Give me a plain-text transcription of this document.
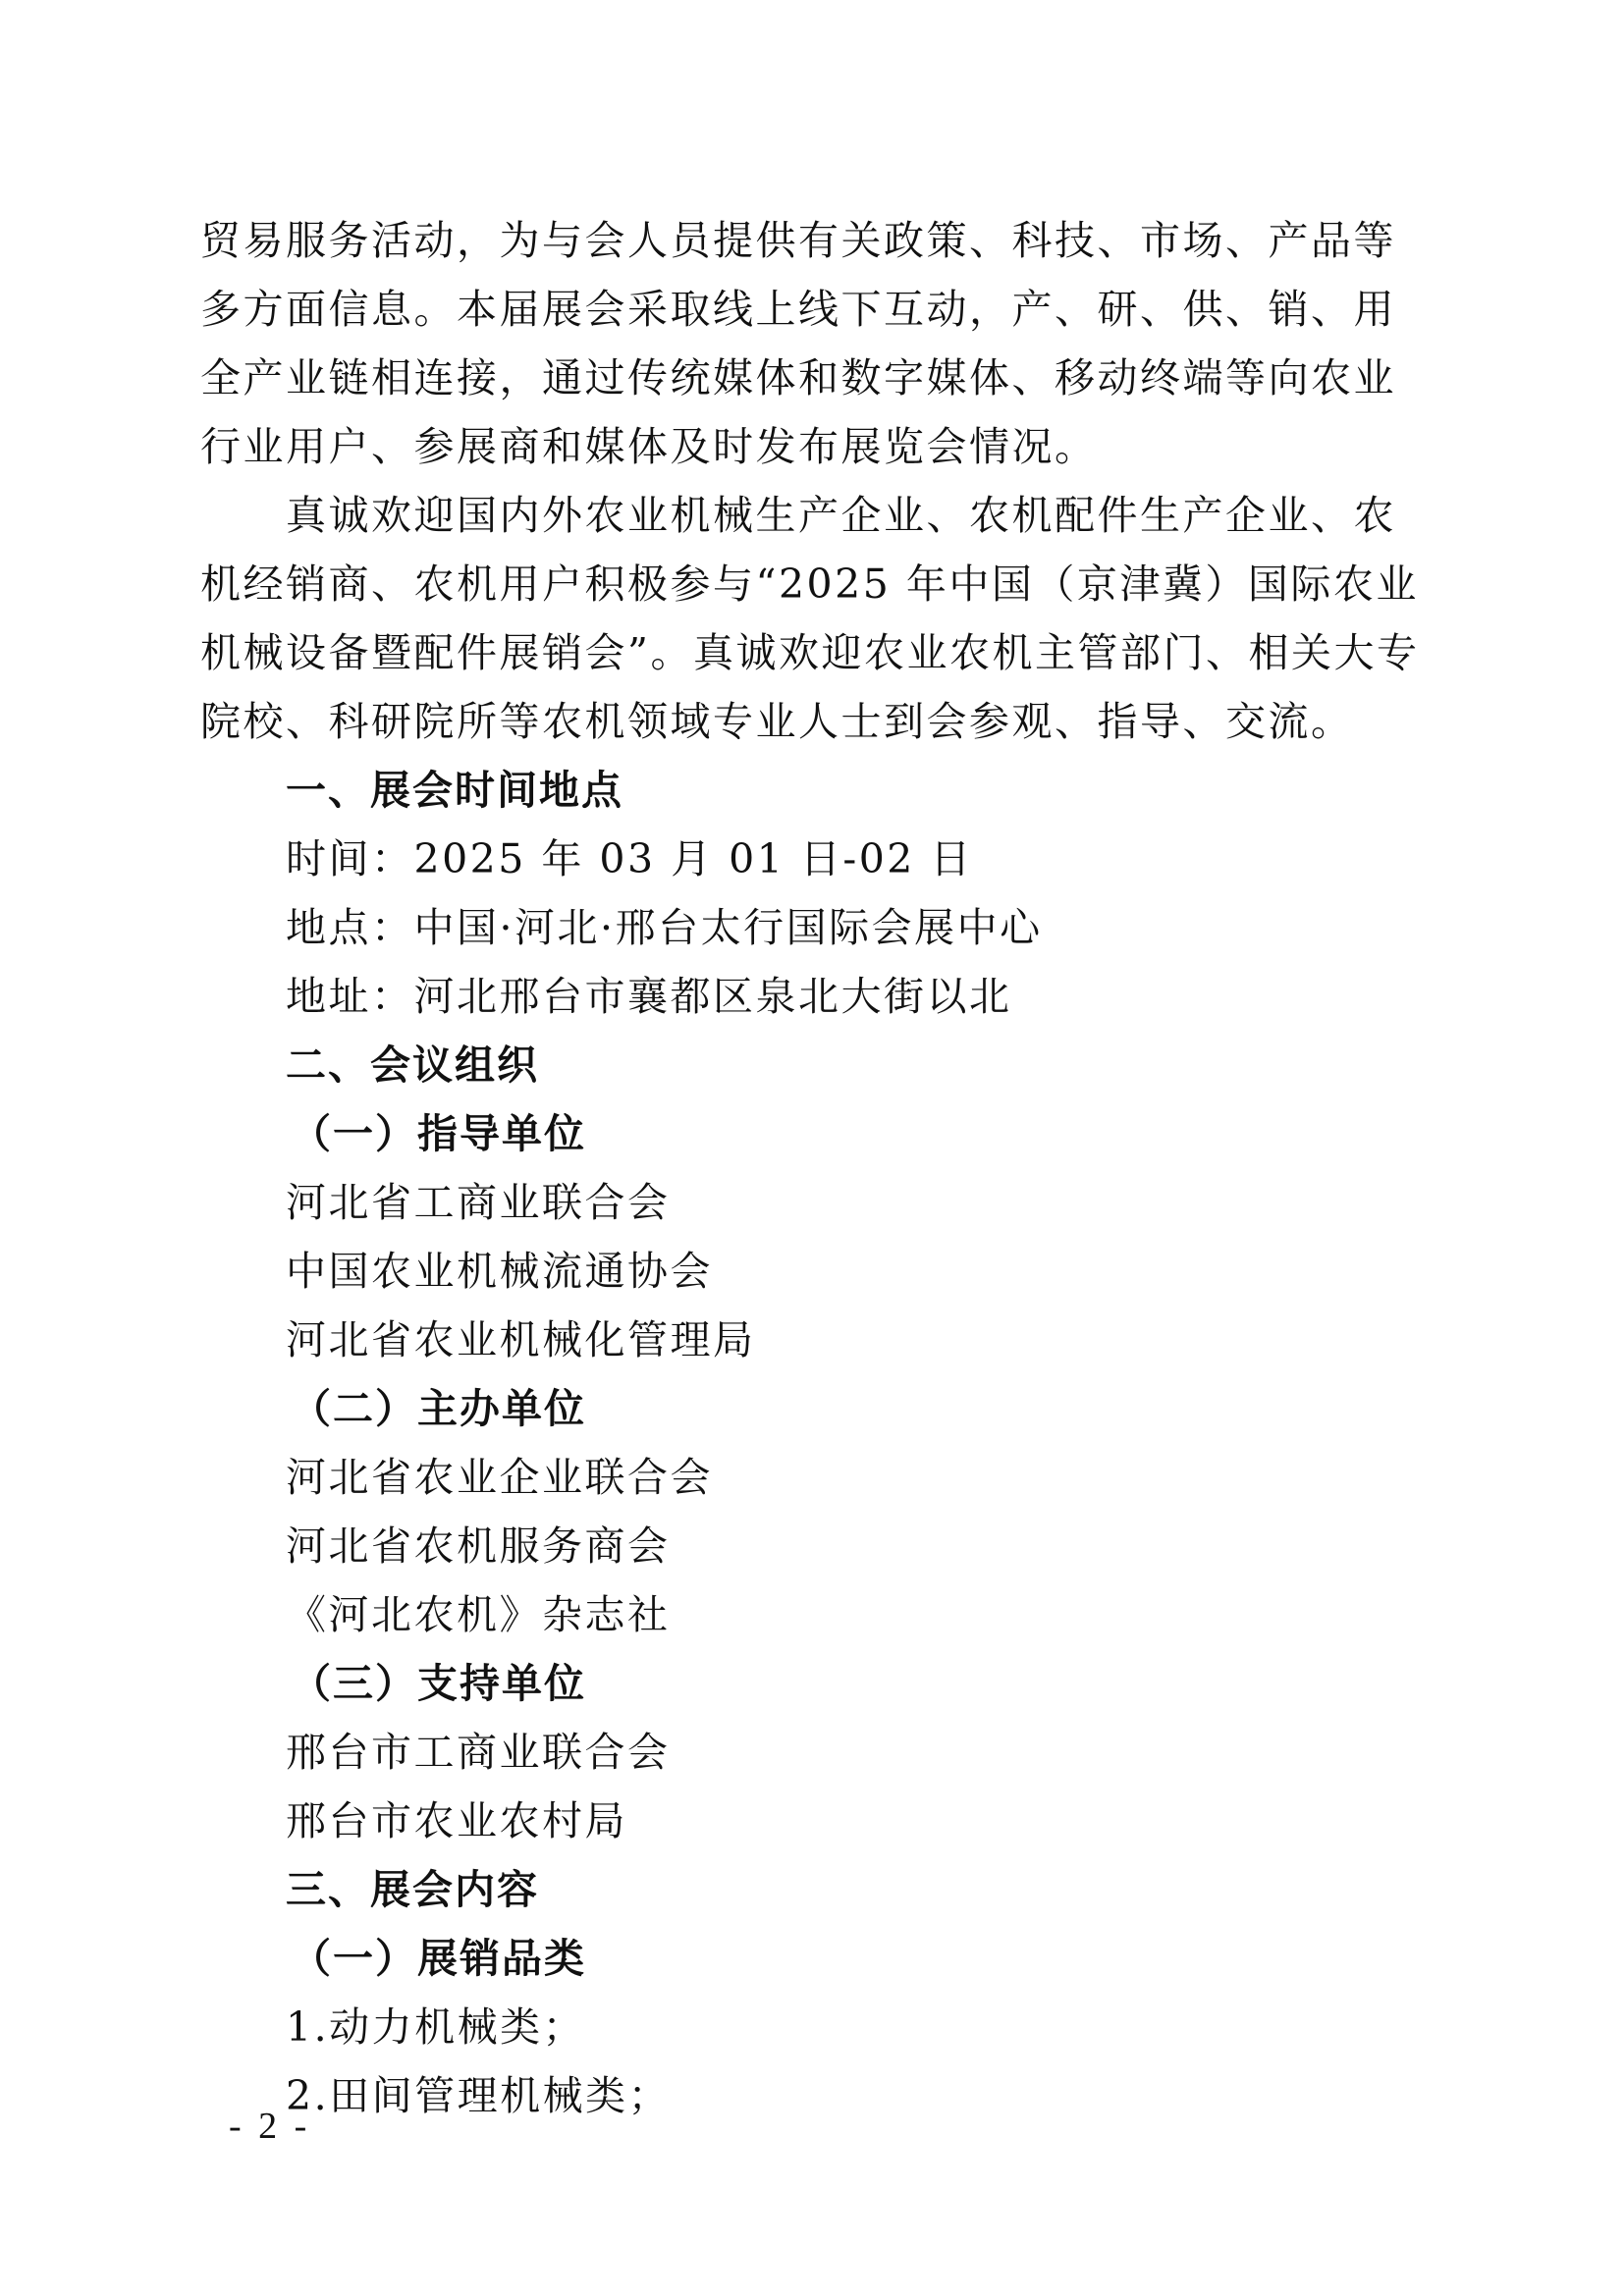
贸易服务活动，为与会人员提供有关政策、科技、市场、产品等

多方面信息。本届展会采取线上线下互动，产、研、供、销、用

全产业链相连接，通过传统媒体和数字媒体、移动终端等向农业

行业用户、参展商和媒体及时发布展览会情况。

真诚欢迎国内外农业机械生产企业、农机配件生产企业、农

机经销商、农机用户积极参与“2025 年中国（京津冀）国际农业

机械设备暨配件展销会”。真诚欢迎农业农机主管部门、相关大专

院校、科研院所等农机领域专业人士到会参观、指导、交流。

一、展会时间地点

时间：2025 年 03 月 01 日-02 日

地点：中国·河北·邢台太行国际会展中心

地址：河北邢台市襄都区泉北大街以北

二、会议组织

（一）指导单位

河北省工商业联合会

中国农业机械流通协会

河北省农业机械化管理局

（二）主办单位

河北省农业企业联合会

河北省农机服务商会

《河北农机》杂志社

（三）支持单位

邢台市工商业联合会

邢台市农业农村局

三、展会内容

（一）展销品类

1.动力机械类；

2.田间管理机械类；

- 2 -
